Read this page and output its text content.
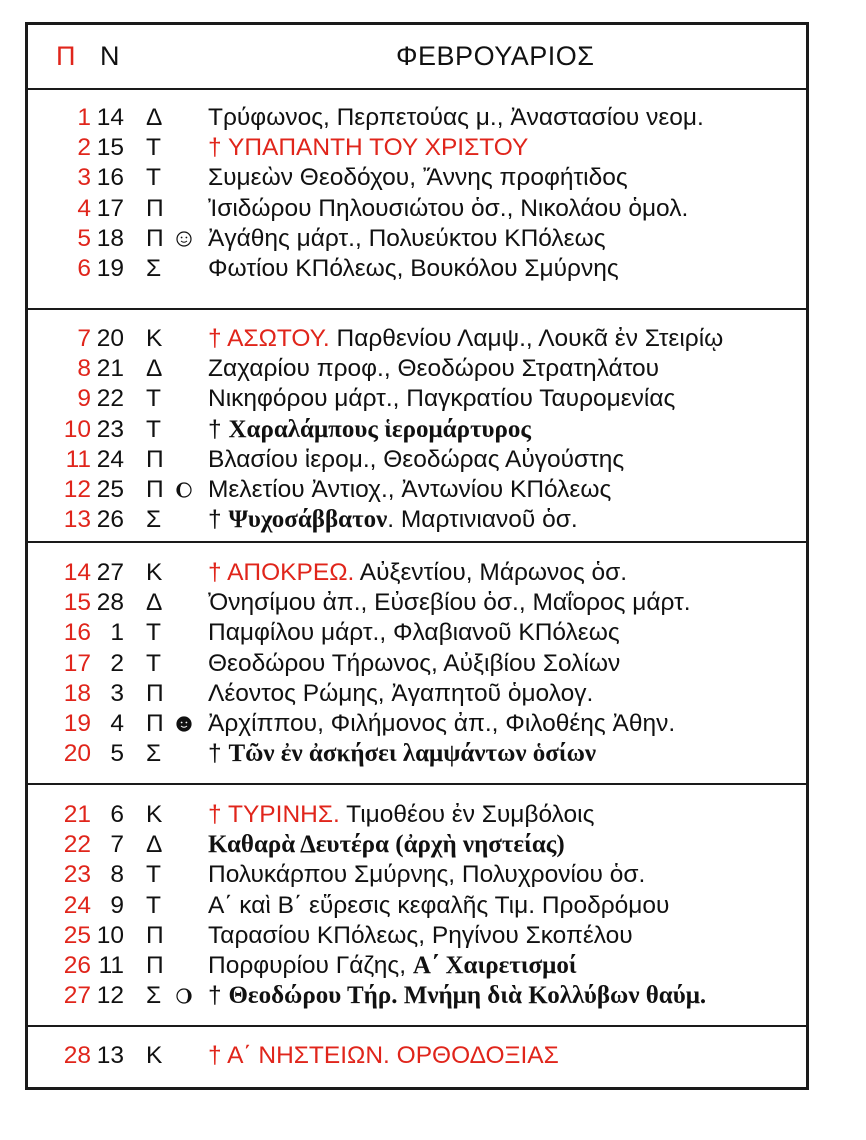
Π Ν	ΦΕΒΡΟΥΑΡΙΟΣ
1 14 Δ Τρύφωνος, Περπετούας μ., Ἀναστασίου νεομ.
2 15 Τ † ΥΠΑΠΑΝΤΗ ΤΟΥ ΧΡΙΣΤΟΥ
3 16 Τ Συμεὼν Θεοδόχου, Ἄννης προφήτιδος
4 17 Π Ἰσιδώρου Πηλουσιώτου ὁσ., Νικολάου ὁμολ.
5 18 Π Ἀγάθης μάρτ., Πολυεύκτου ΚΠόλεως
6 19 Σ Φωτίου ΚΠόλεως, Βουκόλου Σμύρνης
7 20 Κ † ΑΣΩΤΟΥ. Παρθενίου Λαμψ., Λουκᾶ ἐν Στειρίῳ
8 21 Δ Ζαχαρίου προφ., Θεοδώρου Στρατηλάτου
9 22 Τ Νικηφόρου μάρτ., Παγκρατίου Ταυρομενίας
10 23 Τ † Χαραλάμπους ἱερομάρτυρος
11 24 Π Βλασίου ἱερομ., Θεοδώρας Αὐγούστης
12 25 Π Μελετίου Ἀντιοχ., Ἀντωνίου ΚΠόλεως
13 26 Σ † Ψυχοσάββατον. Μαρτινιανοῦ ὁσ.
14 27 Κ † ΑΠΟΚΡΕΩ. Αὐξεντίου, Μάρωνος ὁσ.
15 28 Δ Ὀνησίμου ἀπ., Εὐσεβίου ὁσ., Μαΐορος μάρτ.
16 1 Τ Παμφίλου μάρτ., Φλαβιανοῦ ΚΠόλεως
17 2 Τ Θεοδώρου Τήρωνος, Αὐξιβίου Σολίων
18 3 Π Λέοντος Ρώμης, Ἀγαπητοῦ ὁμολογ.
19 4 Π Ἀρχίππου, Φιλήμονος ἀπ., Φιλοθέης Ἀθην.
20 5 Σ † Τῶν ἐν ἀσκήσει λαμψάντων ὁσίων
21 6 Κ † ΤΥΡΙΝΗΣ. Τιμοθέου ἐν Συμβόλοις
22 7 Δ Καθαρὰ Δευτέρα (ἀρχὴ νηστείας)
23 8 Τ Πολυκάρπου Σμύρνης, Πολυχρονίου ὁσ.
24 9 Τ Α΄ καὶ Β΄ εὕρεσις κεφαλῆς Τιμ. Προδρόμου
25 10 Π Ταρασίου ΚΠόλεως, Ρηγίνου Σκοπέλου
26 11 Π Πορφυρίου Γάζης, Α΄ Χαιρετισμοί
27 12 Σ † Θεοδώρου Τήρ. Μνήμη διὰ Κολλύβων θαύμ.
28 13 Κ † Α΄ ΝΗΣΤΕΙΩΝ. ΟΡΘΟΔΟΞΙΑΣ
